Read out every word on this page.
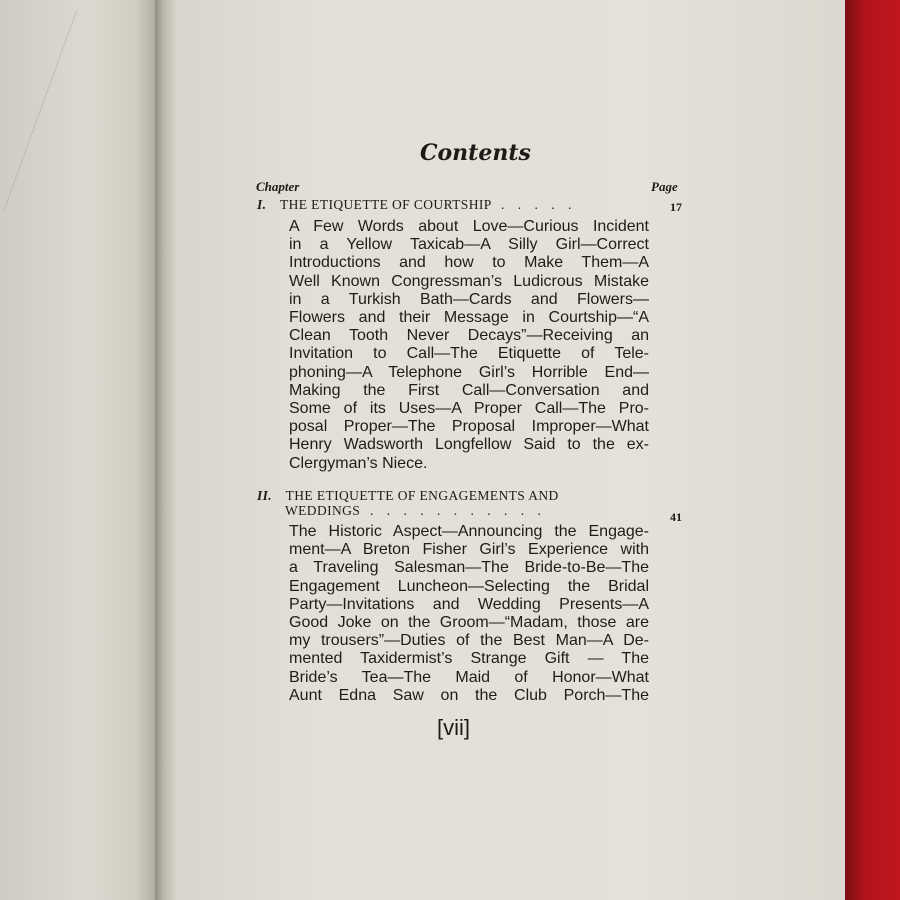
Contents
Chapter	Page
I. THE ETIQUETTE OF COURTSHIP . . . . .	17
A Few Words about Love—Curious Incident
in a Yellow Taxicab—A Silly Girl—Correct
Introductions and how to Make Them—A
Well Known Congressman’s Ludicrous Mistake
in a Turkish Bath—Cards and Flowers—
Flowers and their Message in Courtship—“A
Clean Tooth Never Decays”—Receiving an
Invitation to Call—The Etiquette of Tele-
phoning—A Telephone Girl’s Horrible End—
Making the First Call—Conversation and
Some of its Uses—A Proper Call—The Pro-
posal Proper—The Proposal Improper—What
Henry Wadsworth Longfellow Said to the ex-
Clergyman’s Niece.
II. THE ETIQUETTE OF ENGAGEMENTS AND
WEDDINGS . . . . . . . . . . .	41
The Historic Aspect—Announcing the Engage-
ment—A Breton Fisher Girl’s Experience with
a Traveling Salesman—The Bride-to-Be—The
Engagement Luncheon—Selecting the Bridal
Party—Invitations and Wedding Presents—A
Good Joke on the Groom—“Madam, those are
my trousers”—Duties of the Best Man—A De-
mented Taxidermist’s Strange Gift — The
Bride’s Tea—The Maid of Honor—What
Aunt Edna Saw on the Club Porch—The
[vii]
